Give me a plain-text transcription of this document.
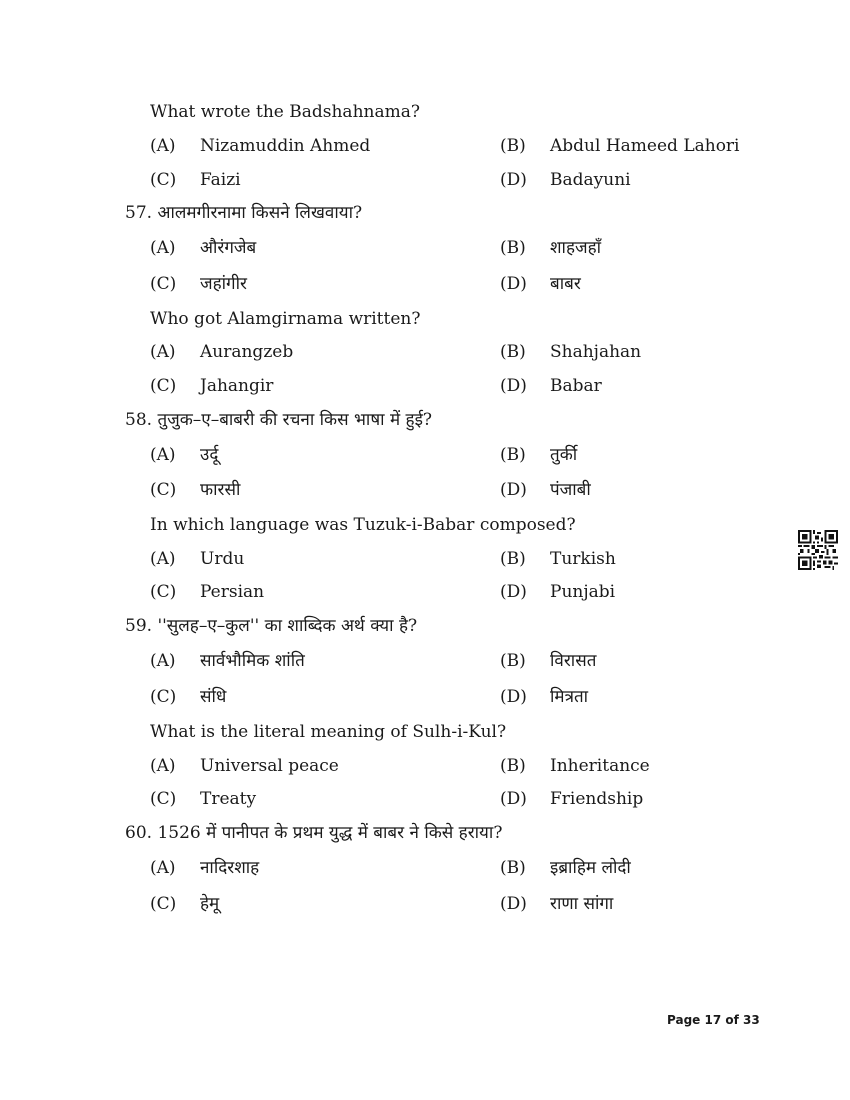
What wrote the Badshahnama?
(A) Nizamuddin Ahmed	(B) Abdul Hameed Lahori
(C) Faizi	(D) Badayuni
57. आलमगीरनामा किसने लिखवाया?
(A) औरंगजेब	(B) शाहजहाँ
(C) जहांगीर	(D) बाबर
Who got Alamgirnama written?
(A) Aurangzeb	(B) Shahjahan
(C) Jahangir	(D) Babar
58. तुजुक–ए–बाबरी की रचना किस भाषा में हुई?
(A) उर्दू	(B) तुर्की
(C) फारसी	(D) पंजाबी
In which language was Tuzuk-i-Babar composed?
(A) Urdu	(B) Turkish
(C) Persian	(D) Punjabi
59. ''सुलह–ए–कुल'' का शाब्दिक अर्थ क्या है?
(A) सार्वभौमिक शांति	(B) विरासत
(C) संधि	(D) मित्रता
What is the literal meaning of Sulh-i-Kul?
(A) Universal peace	(B) Inheritance
(C) Treaty	(D) Friendship
60. 1526 में पानीपत के प्रथम युद्ध में बाबर ने किसे हराया?
(A) नादिरशाह	(B) इब्राहिम लोदी
(C) हेमू	(D) राणा सांगा
Page 17 of 33
